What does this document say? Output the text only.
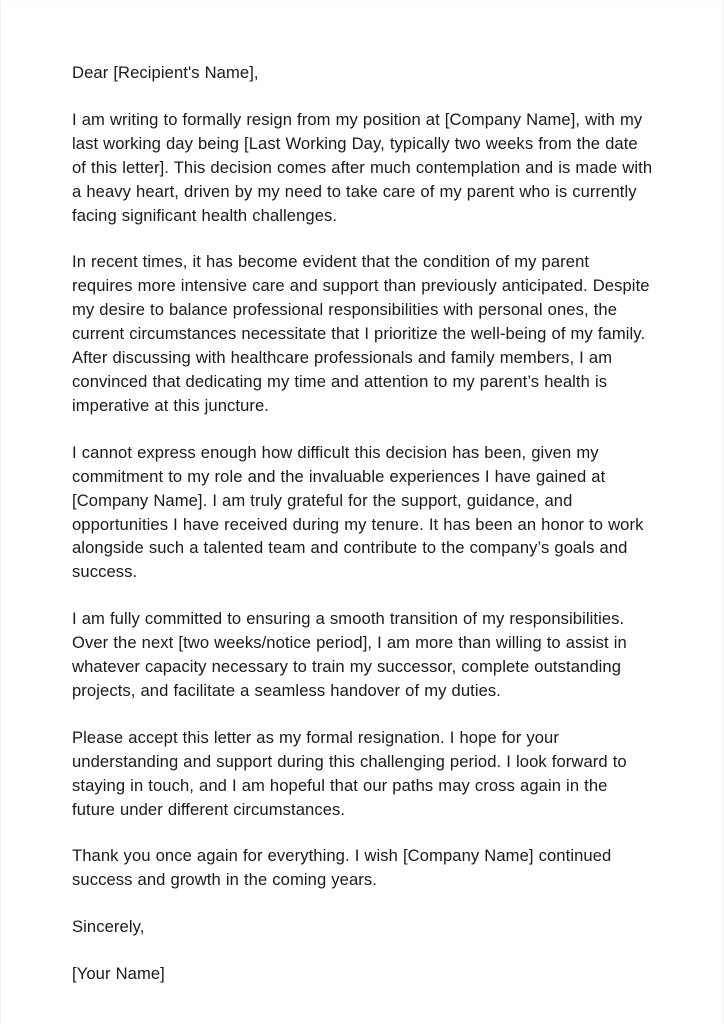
Dear [Recipient's Name],

I am writing to formally resign from my position at [Company Name], with my last working day being [Last Working Day, typically two weeks from the date of this letter]. This decision comes after much contemplation and is made with a heavy heart, driven by my need to take care of my parent who is currently facing significant health challenges.

In recent times, it has become evident that the condition of my parent requires more intensive care and support than previously anticipated. Despite my desire to balance professional responsibilities with personal ones, the current circumstances necessitate that I prioritize the well-being of my family. After discussing with healthcare professionals and family members, I am convinced that dedicating my time and attention to my parent’s health is imperative at this juncture.

I cannot express enough how difficult this decision has been, given my commitment to my role and the invaluable experiences I have gained at [Company Name]. I am truly grateful for the support, guidance, and opportunities I have received during my tenure. It has been an honor to work alongside such a talented team and contribute to the company’s goals and success.

I am fully committed to ensuring a smooth transition of my responsibilities. Over the next [two weeks/notice period], I am more than willing to assist in whatever capacity necessary to train my successor, complete outstanding projects, and facilitate a seamless handover of my duties.

Please accept this letter as my formal resignation. I hope for your understanding and support during this challenging period. I look forward to staying in touch, and I am hopeful that our paths may cross again in the future under different circumstances.

Thank you once again for everything. I wish [Company Name] continued success and growth in the coming years.

Sincerely,

[Your Name]
